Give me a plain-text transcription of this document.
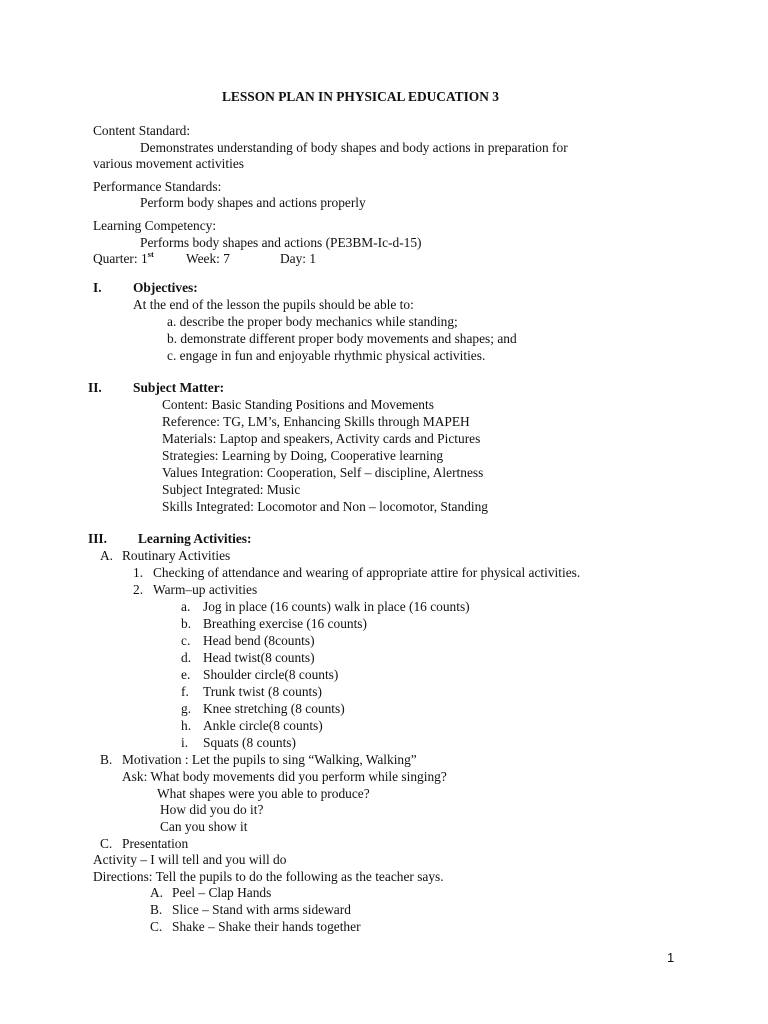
LESSON PLAN IN PHYSICAL EDUCATION 3
Content Standard:
Demonstrates understanding of body shapes and body actions in preparation for
various movement activities
Performance Standards:
Perform body shapes and actions properly
Learning Competency:
Performs body shapes and actions (PE3BM-Ic-d-15)
Quarter: 1st Week: 7	Day: 1
I. Objectives:
At the end of the lesson the pupils should be able to:
a. describe the proper body mechanics while standing;
b. demonstrate different proper body movements and shapes; and
c. engage in fun and enjoyable rhythmic physical activities.
II. Subject Matter:
Content: Basic Standing Positions and Movements
Reference: TG, LM’s, Enhancing Skills through MAPEH
Materials: Laptop and speakers, Activity cards and Pictures
Strategies: Learning by Doing, Cooperative learning
Values Integration: Cooperation, Self – discipline, Alertness
Subject Integrated: Music
Skills Integrated: Locomotor and Non – locomotor, Standing
III. Learning Activities:
A. Routinary Activities
1. Checking of attendance and wearing of appropriate attire for physical activities.
2. Warm–up activities
a. Jog in place (16 counts) walk in place (16 counts)
b. Breathing exercise (16 counts)
c. Head bend (8counts)
d. Head twist(8 counts)
e. Shoulder circle(8 counts)
f. Trunk twist (8 counts)
g. Knee stretching (8 counts)
h. Ankle circle(8 counts)
i. Squats (8 counts)
B. Motivation : Let the pupils to sing “Walking, Walking”
Ask: What body movements did you perform while singing?
What shapes were you able to produce?
How did you do it?
Can you show it
C. Presentation
Activity – I will tell and you will do
Directions: Tell the pupils to do the following as the teacher says.
A. Peel – Clap Hands
B. Slice – Stand with arms sideward
C. Shake – Shake their hands together
1
